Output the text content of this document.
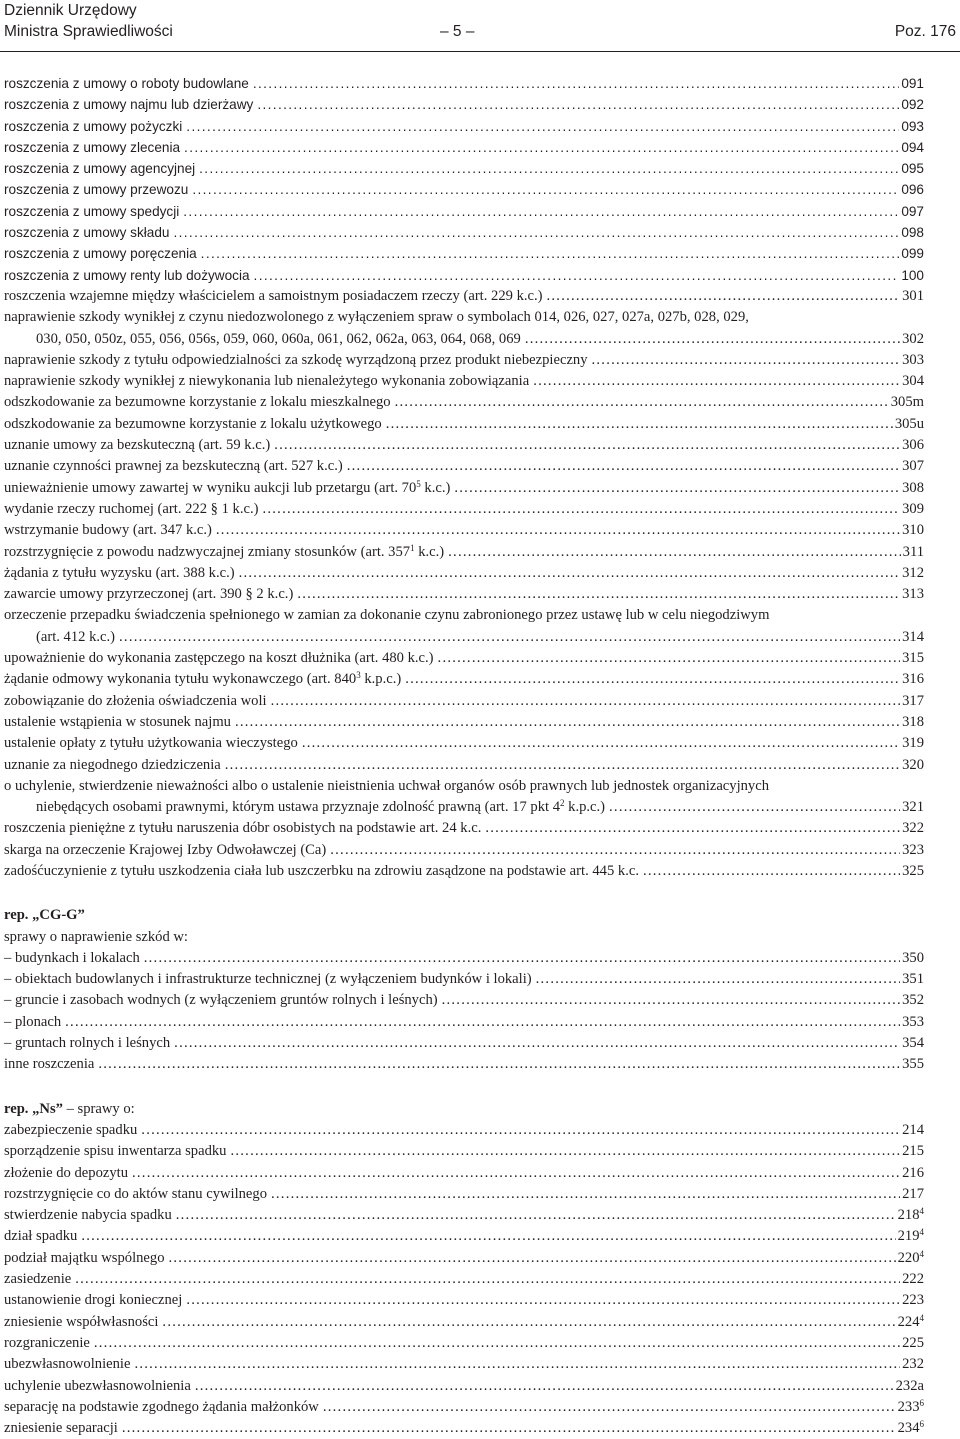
Dziennik Urzędowy
Ministra Sprawiedliwości	– 5 –	Poz. 176
roszczenia z umowy o roboty budowlane . . .	091
roszczenia z umowy najmu lub dzierżawy . . .	092
roszczenia z umowy pożyczki . . .	093
roszczenia z umowy zlecenia . . .	094
roszczenia z umowy agencyjnej . . .	095
roszczenia z umowy przewozu . . .	096
roszczenia z umowy spedycji . . .	097
roszczenia z umowy składu . . .	098
roszczenia z umowy poręczenia . . .	099
roszczenia z umowy renty lub dożywocia . . .	100
roszczenia wzajemne między właścicielem a samoistnym posiadaczem rzeczy (art. 229 k.c.) . . .	301
naprawienie szkody wynikłej z czynu niedozwolonego z wyłączeniem spraw o symbolach 014, 026, 027, 027a, 027b, 028, 029,
030, 050, 050z, 055, 056, 056s, 059, 060, 060a, 061, 062, 062a, 063, 064, 068, 069 . . .	302
naprawienie szkody z tytułu odpowiedzialności za szkodę wyrządzoną przez produkt niebezpieczny . . .	303
naprawienie szkody wynikłej z niewykonania lub nienależytego wykonania zobowiązania . . .	304
odszkodowanie za bezumowne korzystanie z lokalu mieszkalnego . . .	305m
odszkodowanie za bezumowne korzystanie z lokalu użytkowego . . .	305u
uznanie umowy za bezskuteczną (art. 59 k.c.) . . .	306
uznanie czynności prawnej za bezskuteczną (art. 527 k.c.) . . .	307
unieważnienie umowy zawartej w wyniku aukcji lub przetargu (art. $70^5$ k.c.) . . .	308
wydanie rzeczy ruchomej (art. 222 § 1 k.c.) . . .	309
wstrzymanie budowy (art. 347 k.c.) . . .	310
rozstrzygnięcie z powodu nadzwyczajnej zmiany stosunków (art. $357^1$ k.c.) . . .	311
żądania z tytułu wyzysku (art. 388 k.c.) . . .	312
zawarcie umowy przyrzeczonej (art. 390 § 2 k.c.) . . .	313
orzeczenie przepadku świadczenia spełnionego w zamian za dokonanie czynu zabronionego przez ustawę lub w celu niegodziwym
(art. 412 k.c.) . . .	314
upoważnienie do wykonania zastępczego na koszt dłużnika (art. 480 k.c.) . . .	315
żądanie odmowy wykonania tytułu wykonawczego (art. $840^3$ k.p.c.) . . .	316
zobowiązanie do złożenia oświadczenia woli . . .	317
ustalenie wstąpienia w stosunek najmu . . .	318
ustalenie opłaty z tytułu użytkowania wieczystego . . .	319
uznanie za niegodnego dziedziczenia . . .	320
o uchylenie, stwierdzenie nieważności albo o ustalenie nieistnienia uchwał organów osób prawnych lub jednostek organizacyjnych
niebędących osobami prawnymi, którym ustawa przyznaje zdolność prawną (art. 17 pkt $4^2$ k.p.c.) . . .	321
roszczenia pieniężne z tytułu naruszenia dóbr osobistych na podstawie art. 24 k.c. . . .	322
skarga na orzeczenie Krajowej Izby Odwoławczej (Ca) . . .	323
zadośćuczynienie z tytułu uszkodzenia ciała lub uszczerbku na zdrowiu zasądzone na podstawie art. 445 k.c. . . .	325
rep. „CG-G”
sprawy o naprawienie szkód w:
– budynkach i lokalach . . .	350
– obiektach budowlanych i infrastrukturze technicznej (z wyłączeniem budynków i lokali) . . .	351
– gruncie i zasobach wodnych (z wyłączeniem gruntów rolnych i leśnych) . . .	352
– plonach . . .	353
– gruntach rolnych i leśnych . . .	354
inne roszczenia . . .	355
rep. „Ns” – sprawy o:
zabezpieczenie spadku . . .	214
sporządzenie spisu inwentarza spadku . . .	215
złożenie do depozytu . . .	216
rozstrzygnięcie co do aktów stanu cywilnego . . .	217
stwierdzenie nabycia spadku . . .	$218^4$
dział spadku . . .	$219^4$
podział majątku wspólnego . . .	$220^4$
zasiedzenie . . .	222
ustanowienie drogi koniecznej . . .	223
zniesienie współwłasności . . .	$224^4$
rozgraniczenie . . .	225
ubezwłasnowolnienie . . .	232
uchylenie ubezwłasnowolnienia . . .	232a
separację na podstawie zgodnego żądania małżonków . . .	$233^6$
zniesienie separacji . . .	$234^6$
